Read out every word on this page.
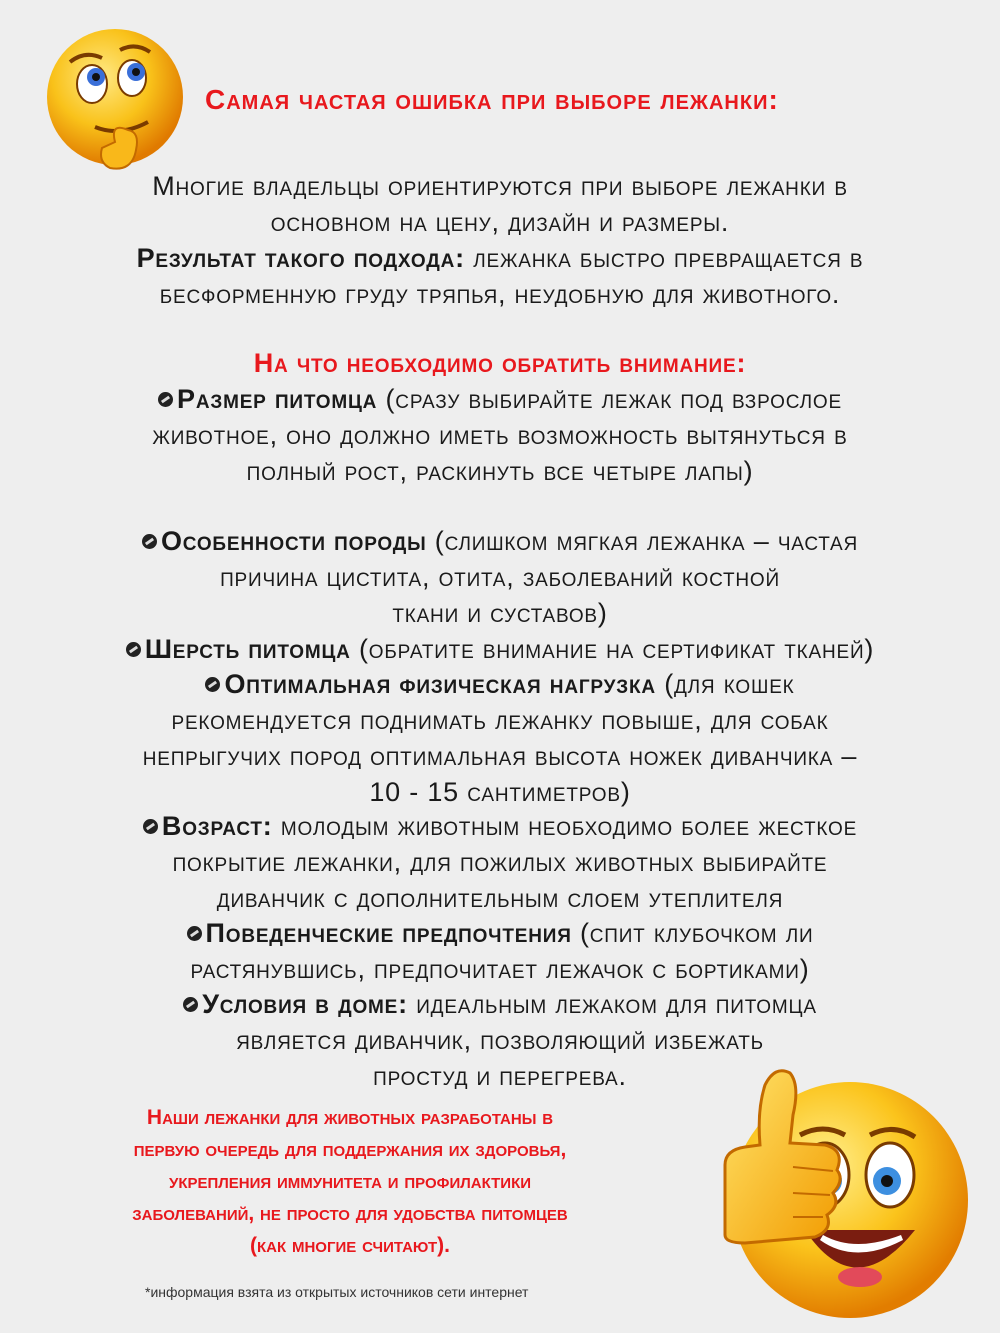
Самая частая ошибка при выборе лежанки:
Многие владельцы ориентируются при выборе лежанки в
основном на цену, дизайн и размеры.
Результат такого подхода: лежанка быстро превращается в
бесформенную груду тряпья, неудобную для животного.
На что необходимо обратить внимание:
Размер питомца (сразу выбирайте лежак под взрослое
животное, оно должно иметь возможность вытянуться в
полный рост, раскинуть все четыре лапы)
Особенности породы (слишком мягкая лежанка – частая
причина цистита, отита, заболеваний костной
ткани и суставов)
Шерсть питомца (обратите внимание на сертификат тканей)
Оптимальная физическая нагрузка (для кошек
рекомендуется поднимать лежанку повыше, для собак
непрыгучих пород оптимальная высота ножек диванчика –
10 - 15 сантиметров)
Возраст: молодым животным необходимо более жесткое
покрытие лежанки, для пожилых животных выбирайте
диванчик с дополнительным слоем утеплителя
Поведенческие предпочтения (спит клубочком ли
растянувшись, предпочитает лежачок с бортиками)
Условия в доме: идеальным лежаком для питомца
является диванчик, позволяющий избежать
простуд и перегрева.
Наши лежанки для животных разработаны в
первую очередь для поддержания их здоровья,
укрепления иммунитета и профилактики
заболеваний, не просто для удобства питомцев
(как многие считают).
*информация взята из открытых источников сети интернет
